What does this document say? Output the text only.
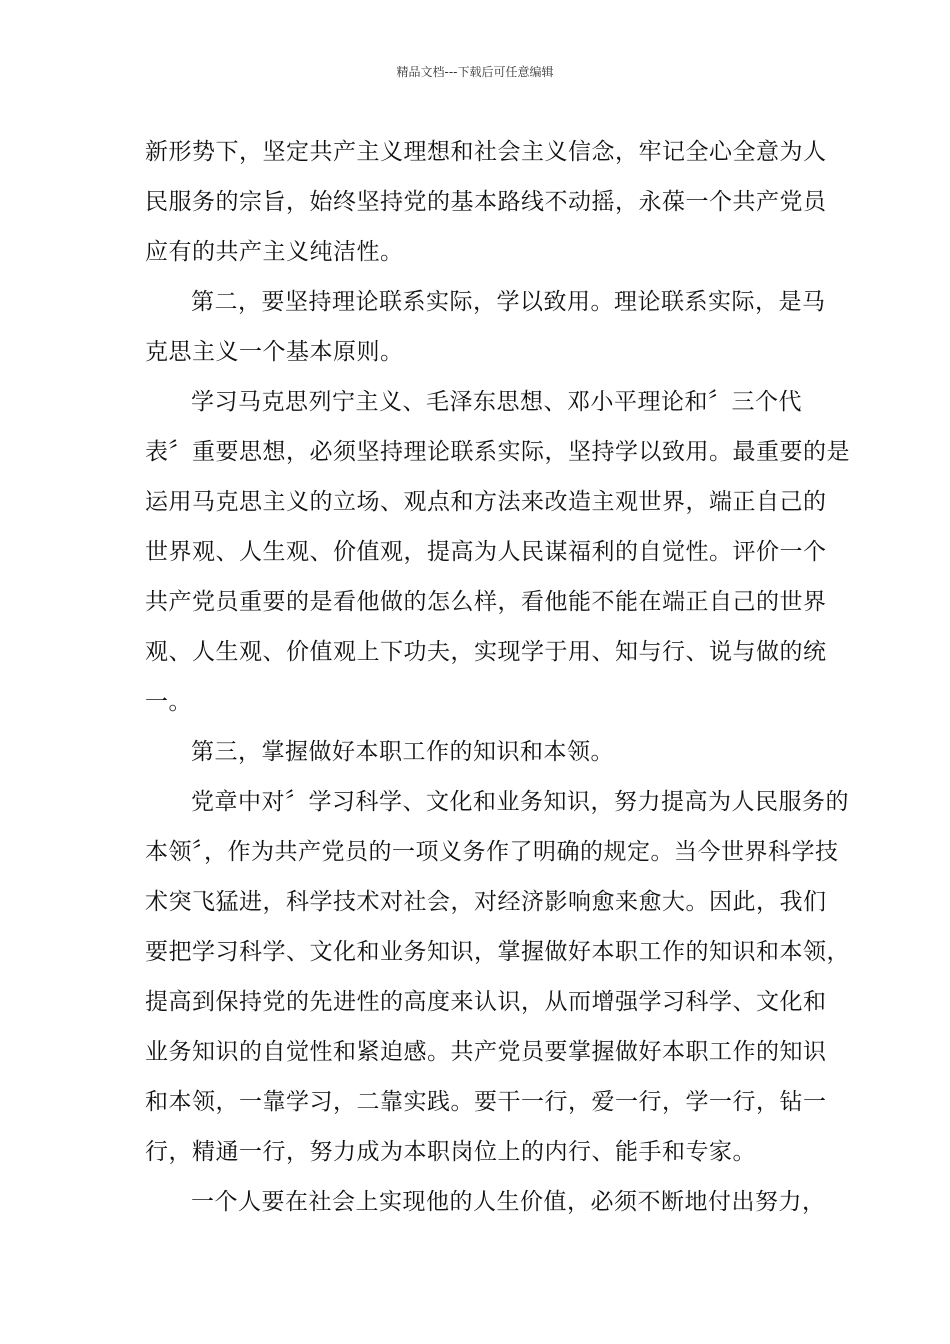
精品文档---下载后可任意编辑
新形势下，坚定共产主义理想和社会主义信念，牢记全心全意为人
民服务的宗旨，始终坚持党的基本路线不动摇，永葆一个共产党员
应有的共产主义纯洁性。
第二，要坚持理论联系实际，学以致用。理论联系实际，是马
克思主义一个基本原则。
学习马克思列宁主义、毛泽东思想、邓小平理论和〞三个代
表〞重要思想，必须坚持理论联系实际，坚持学以致用。最重要的是
运用马克思主义的立场、观点和方法来改造主观世界，端正自己的
世界观、人生观、价值观，提高为人民谋福利的自觉性。评价一个
共产党员重要的是看他做的怎么样，看他能不能在端正自己的世界
观、人生观、价值观上下功夫，实现学于用、知与行、说与做的统
一。
第三，掌握做好本职工作的知识和本领。
党章中对〞学习科学、文化和业务知识，努力提高为人民服务的
本领〞，作为共产党员的一项义务作了明确的规定。当今世界科学技
术突飞猛进，科学技术对社会，对经济影响愈来愈大。因此，我们
要把学习科学、文化和业务知识，掌握做好本职工作的知识和本领，
提高到保持党的先进性的高度来认识，从而增强学习科学、文化和
业务知识的自觉性和紧迫感。共产党员要掌握做好本职工作的知识
和本领，一靠学习，二靠实践。要干一行，爱一行，学一行，钻一
行，精通一行，努力成为本职岗位上的内行、能手和专家。
一个人要在社会上实现他的人生价值，必须不断地付出努力，
